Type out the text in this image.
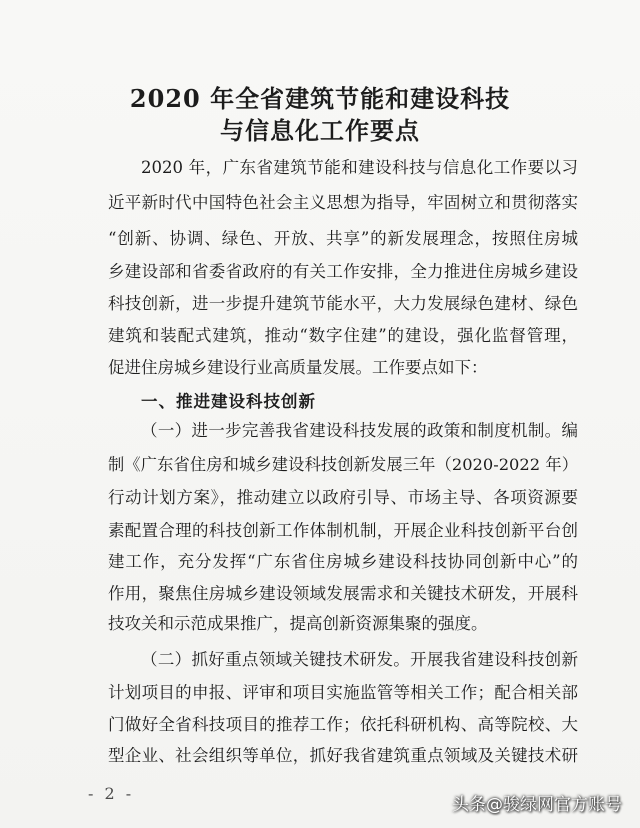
2020 年全省建筑节能和建设科技
与信息化工作要点
2020 年，广东省建筑节能和建设科技与信息化工作要以习
近平新时代中国特色社会主义思想为指导，牢固树立和贯彻落实
“创新、协调、绿色、开放、共享”的新发展理念，按照住房城
乡建设部和省委省政府的有关工作安排，全力推进住房城乡建设
科技创新，进一步提升建筑节能水平，大力发展绿色建材、绿色
建筑和装配式建筑，推动“数字住建”的建设，强化监督管理，
促进住房城乡建设行业高质量发展。工作要点如下：
一、推进建设科技创新
（一）进一步完善我省建设科技发展的政策和制度机制。编
制《广东省住房和城乡建设科技创新发展三年（2020-2022 年）
行动计划方案》，推动建立以政府引导、市场主导、各项资源要
素配置合理的科技创新工作体制机制，开展企业科技创新平台创
建工作，充分发挥“广东省住房城乡建设科技协同创新中心”的
作用，聚焦住房城乡建设领域发展需求和关键技术研发，开展科
技攻关和示范成果推广，提高创新资源集聚的强度。
（二）抓好重点领域关键技术研发。开展我省建设科技创新
计划项目的申报、评审和项目实施监管等相关工作；配合相关部
门做好全省科技项目的推荐工作；依托科研机构、高等院校、大
型企业、社会组织等单位，抓好我省建筑重点领域及关键技术研
- 2 -
头条@骏绿网官方账号
